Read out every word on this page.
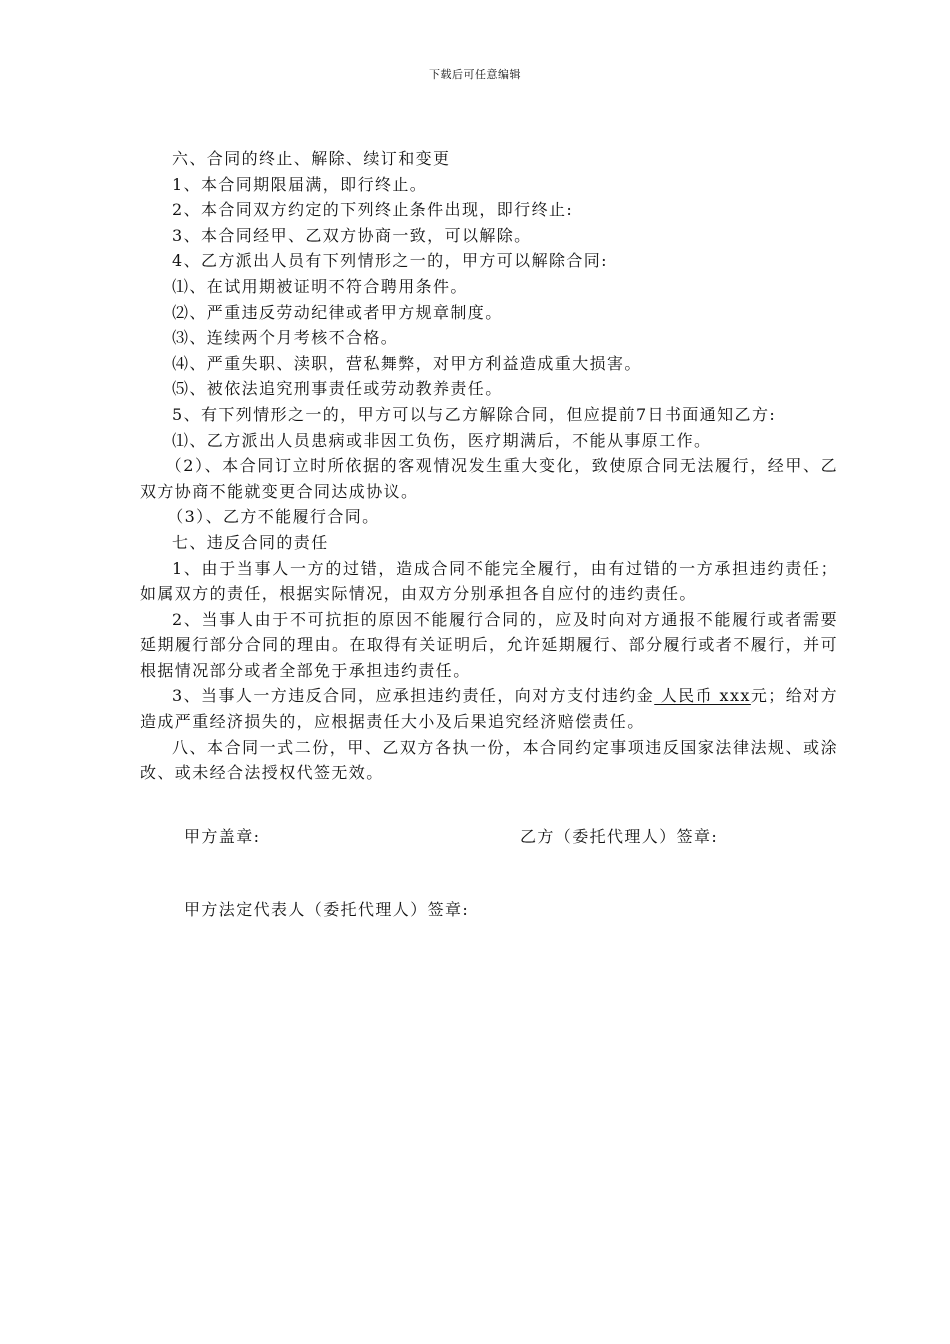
下载后可任意编辑

六、合同的终止、解除、续订和变更

1、本合同期限届满，即行终止。

2、本合同双方约定的下列终止条件出现，即行终止:

3、本合同经甲、乙双方协商一致，可以解除。

4、乙方派出人员有下列情形之一的，甲方可以解除合同:

⑴、在试用期被证明不符合聘用条件。

⑵、严重违反劳动纪律或者甲方规章制度。

⑶、连续两个月考核不合格。

⑷、严重失职、渎职，营私舞弊，对甲方利益造成重大损害。

⑸、被依法追究刑事责任或劳动教养责任。

5、有下列情形之一的，甲方可以与乙方解除合同，但应提前7日书面通知乙方:

⑴、乙方派出人员患病或非因工负伤，医疗期满后，不能从事原工作。

（2）、本合同订立时所依据的客观情况发生重大变化，致使原合同无法履行，经甲、乙双方协商不能就变更合同达成协议。

（3）、乙方不能履行合同。

七、违反合同的责任

1、由于当事人一方的过错，造成合同不能完全履行，由有过错的一方承担违约责任；如属双方的责任，根据实际情况，由双方分别承担各自应付的违约责任。

2、当事人由于不可抗拒的原因不能履行合同的，应及时向对方通报不能履行或者需要延期履行部分合同的理由。在取得有关证明后，允许延期履行、部分履行或者不履行，并可根据情况部分或者全部免于承担违约责任。

3、当事人一方违反合同，应承担违约责任，向对方支付违约金 人民币 xxx元；给对方造成严重经济损失的，应根据责任大小及后果追究经济赔偿责任。

八、本合同一式二份，甲、乙双方各执一份，本合同约定事项违反国家法律法规、或涂改、或未经合法授权代签无效。

甲方盖章:	乙方（委托代理人）签章:
甲方法定代表人（委托代理人）签章:
